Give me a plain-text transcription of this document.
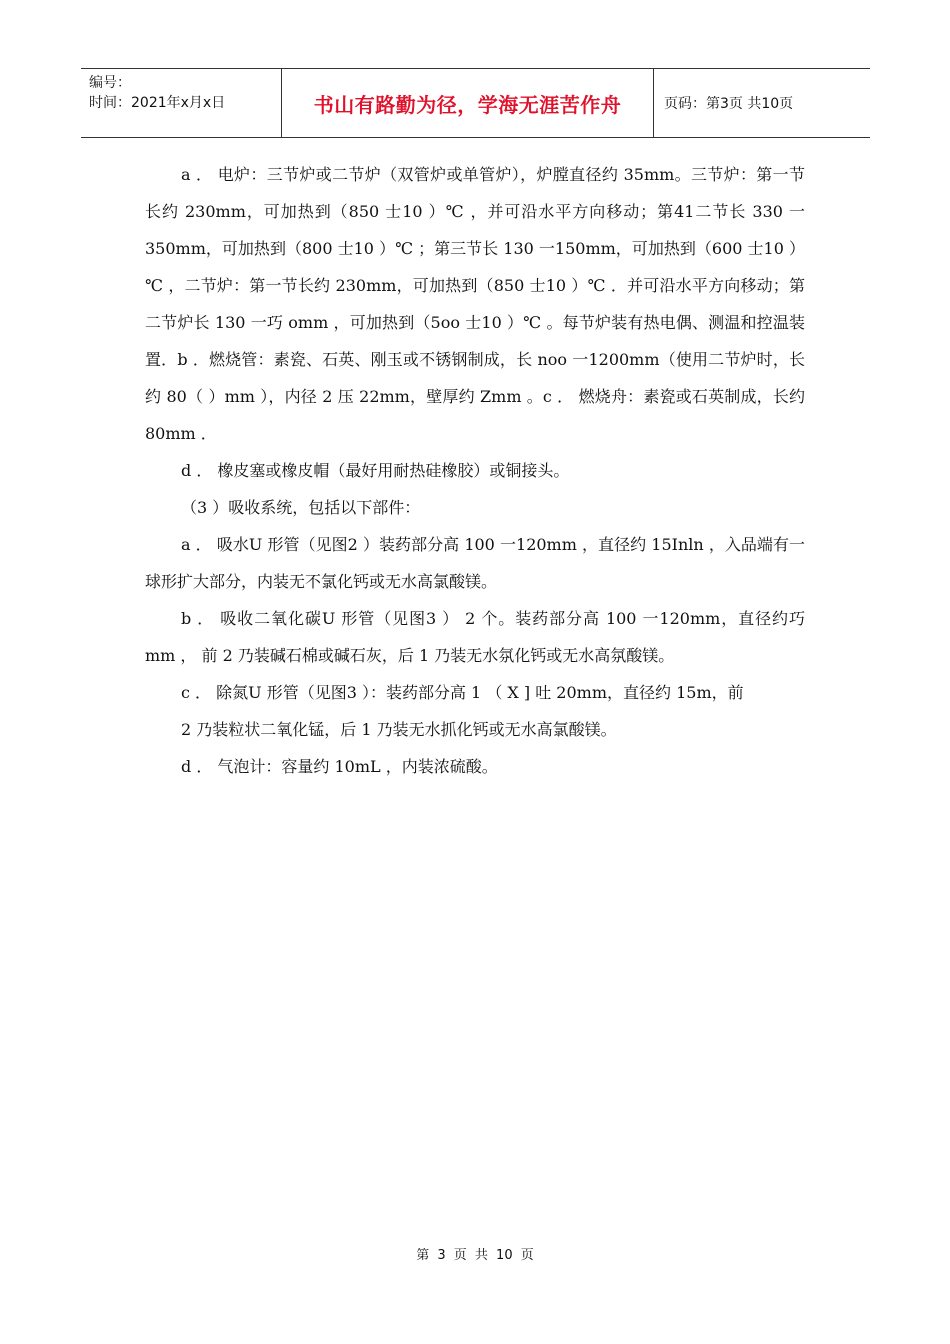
编号：
时间：2021年x月x日	书山有路勤为径，学海无涯苦作舟	页码：第3页 共10页

a ． 电炉：三节炉或二节炉（双管炉或单管炉），炉膛直径约 35mm。三节炉：第一节长约 230mm，可加热到（850 士10 ）℃ ，并可沿水平方向移动；第41二节长 330 一350mm，可加热到（800 士10 ）℃ ；第三节长 130 一150mm，可加热到（600 士10 ）℃ ，二节炉：第一节长约 230mm，可加热到（850 士10 ）℃ ．并可沿水平方向移动；第二节炉长 130 一巧 omm ，可加热到（5oo 士10 ）℃ 。每节炉装有热电偶、测温和控温装置．b ．燃烧管：素瓷、石英、刚玉或不锈钢制成，长 noo 一1200mm（使用二节炉时，长约 80（ ）mm ），内径 2 压 22mm，壁厚约 Zmm 。c ． 燃烧舟：素瓷或石英制成，长约 80mm ．

d ． 橡皮塞或橡皮帽（最好用耐热硅橡胶）或铜接头。

（3 ）吸收系统，包括以下部件：

a ． 吸水U 形管（见图2 ）装药部分高 100 一120mm ，直径约 15Inln ，入品端有一球形扩大部分，内装无不氯化钙或无水高氯酸镁。

b ． 吸收二氧化碳U 形管（见图3 ） 2 个。装药部分高 100 一120mm，直径约巧 mm ， 前 2 乃装碱石棉或碱石灰，后 1 乃装无水氛化钙或无水高氛酸镁。

c ． 除氮U 形管（见图3 ）：装药部分高 1 （ X ] 吐 20mm，直径约 15m，前

2 乃装粒状二氧化锰，后 1 乃装无水抓化钙或无水高氯酸镁。

d ． 气泡计：容量约 10mL ，内装浓硫酸。

第 3 页 共 10 页
